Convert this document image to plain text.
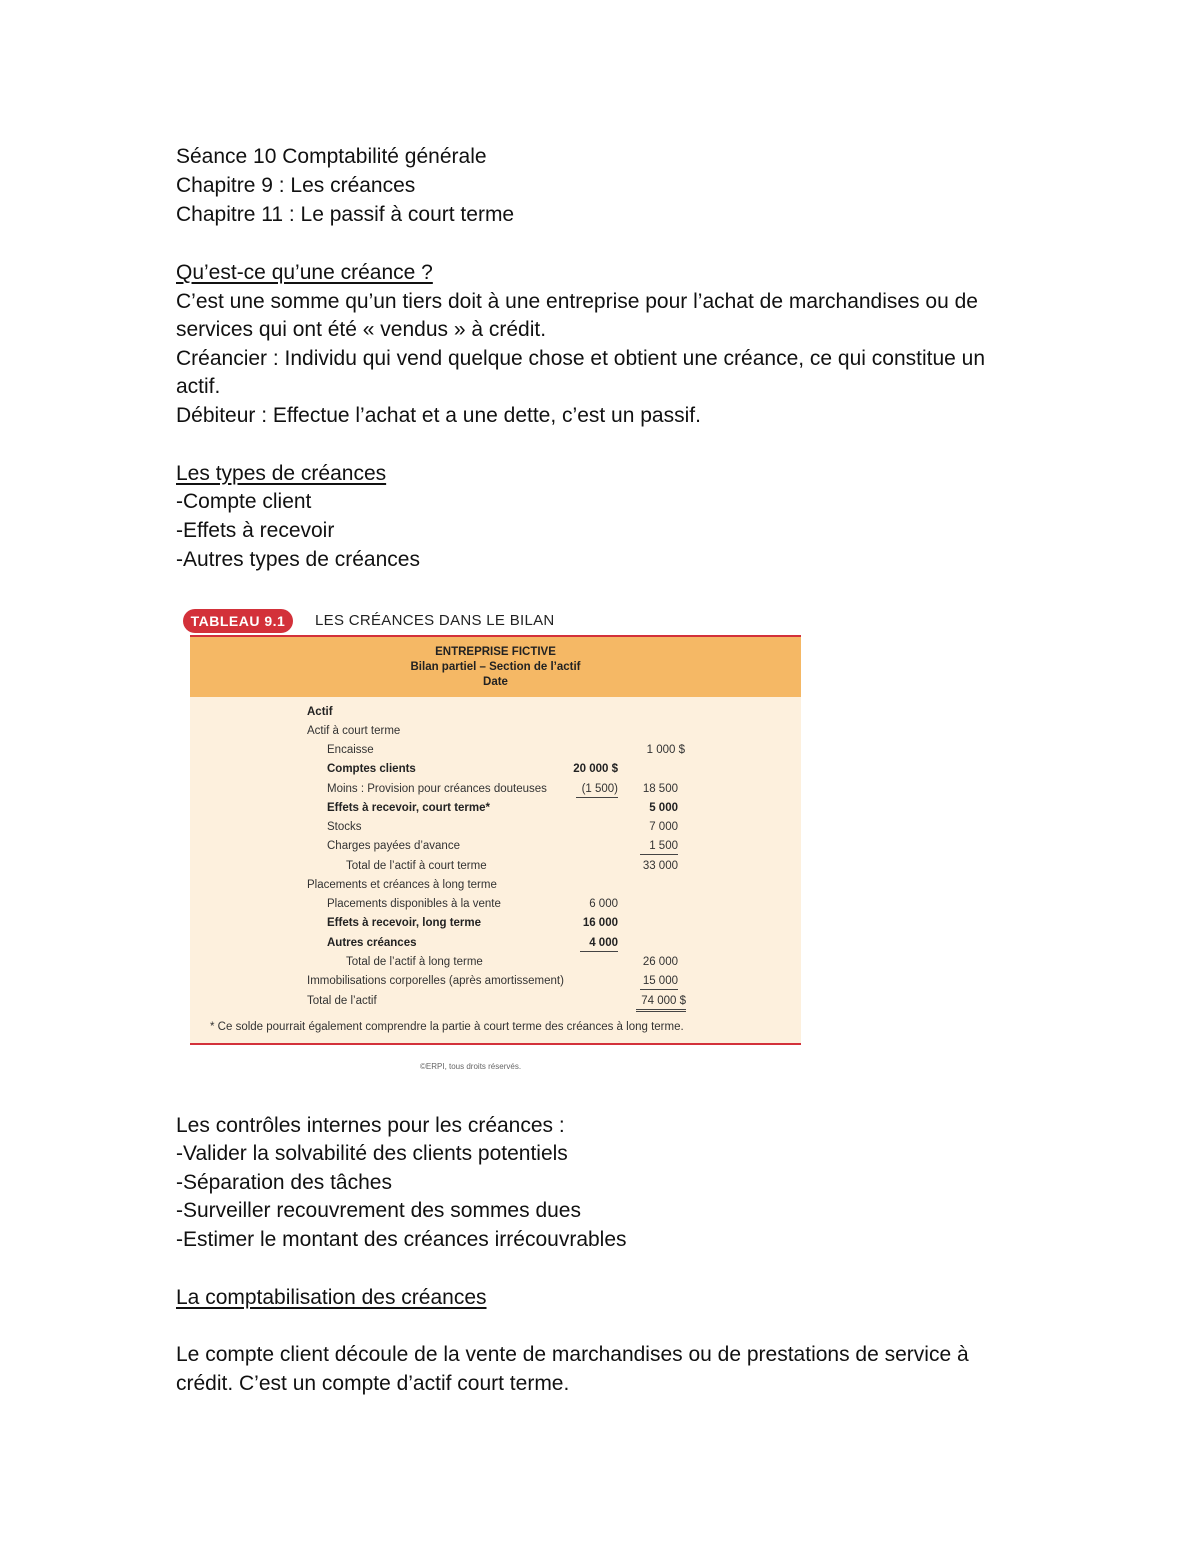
Séance 10 Comptabilité générale
Chapitre 9 : Les créances
Chapitre 11 : Le passif à court terme
Qu’est-ce qu’une créance ?
C’est une somme qu’un tiers doit à une entreprise pour l’achat de marchandises ou de
services qui ont été « vendus » à crédit.
Créancier : Individu qui vend quelque chose et obtient une créance, ce qui constitue un
actif.
Débiteur : Effectue l’achat et a une dette, c’est un passif.
Les types de créances
-Compte client
-Effets à recevoir
-Autres types de créances
TABLEAU 9.1	LES CRÉANCES DANS LE BILAN
ENTREPRISE FICTIVE
Bilan partiel – Section de l’actif
Date
Actif
Actif à court terme
Encaisse	1 000 $
Comptes clients	20 000 $
Moins : Provision pour créances douteuses	(1 500)	18 500
Effets à recevoir, court terme*	5 000
Stocks	7 000
Charges payées d’avance	1 500
Total de l’actif à court terme	33 000
Placements et créances à long terme
Placements disponibles à la vente	6 000
Effets à recevoir, long terme	16 000
Autres créances	4 000
Total de l’actif à long terme	26 000
Immobilisations corporelles (après amortissement)	15 000
Total de l’actif	74 000 $
* Ce solde pourrait également comprendre la partie à court terme des créances à long terme.
©ERPI, tous droits réservés.
Les contrôles internes pour les créances :
-Valider la solvabilité des clients potentiels
-Séparation des tâches
-Surveiller recouvrement des sommes dues
-Estimer le montant des créances irrécouvrables
La comptabilisation des créances
Le compte client découle de la vente de marchandises ou de prestations de service à
crédit. C’est un compte d’actif court terme.
